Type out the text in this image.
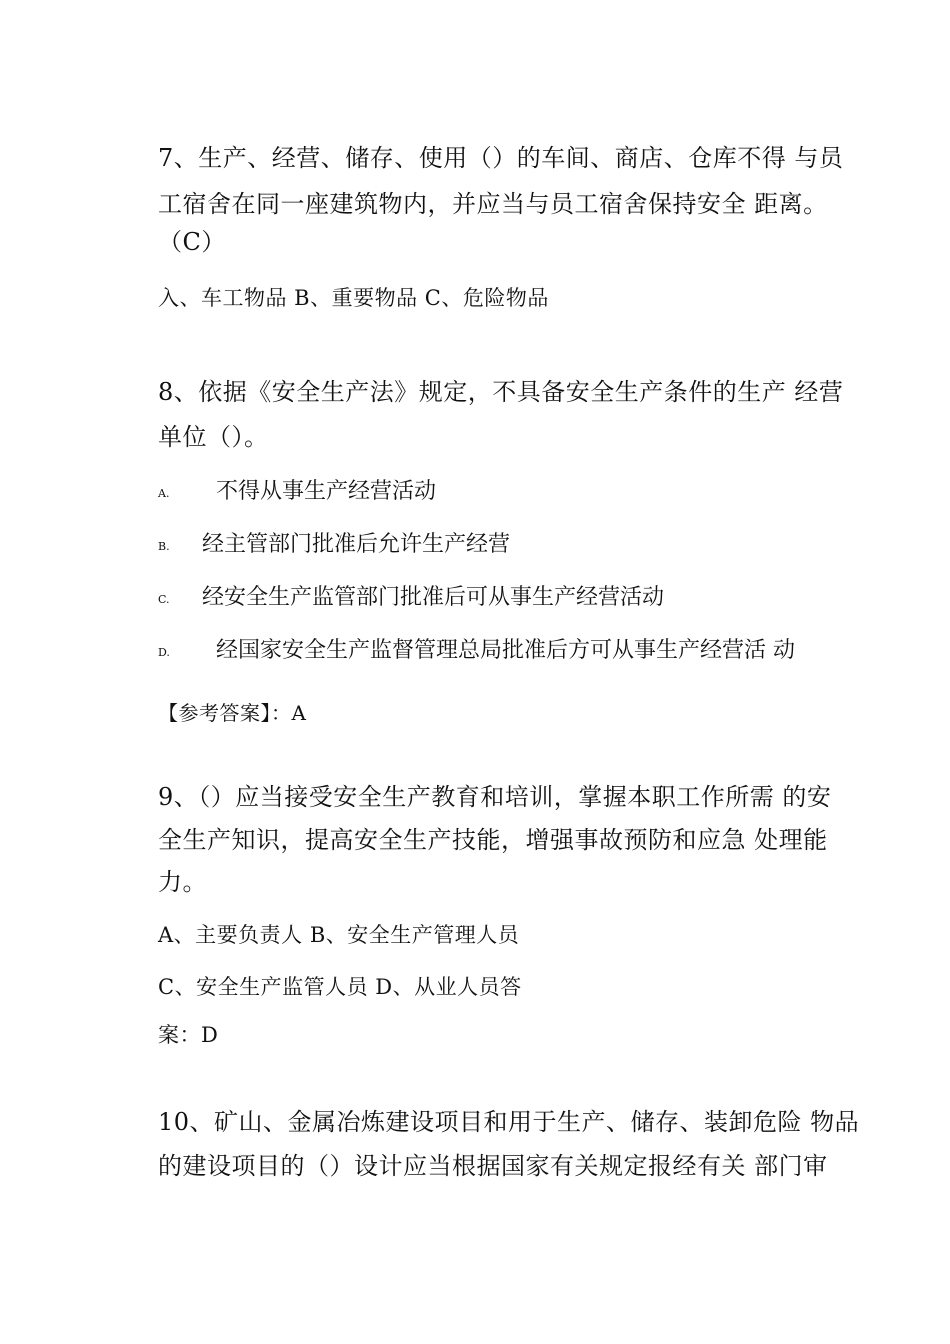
7、生产、经营、储存、使用（）的车间、商店、仓库不得 与员
工宿舍在同一座建筑物内，并应当与员工宿舍保持安全 距离。
（C）
入、车工物品 B、重要物品 C、危险物品
8、依据《安全生产法》规定，不具备安全生产条件的生产 经营
单位（）。
A. 不得从事生产经营活动
B. 经主管部门批准后允许生产经营
C. 经安全生产监管部门批准后可从事生产经营活动
D. 经国家安全生产监督管理总局批准后方可从事生产经营活 动
【参考答案】：A
9、（）应当接受安全生产教育和培训，掌握本职工作所需 的安
全生产知识，提高安全生产技能，增强事故预防和应急 处理能
力。
A、主要负责人 B、安全生产管理人员
C、安全生产监管人员 D、从业人员答
案：D
10、矿山、金属冶炼建设项目和用于生产、储存、装卸危险 物品
的建设项目的（）设计应当根据国家有关规定报经有关 部门审
